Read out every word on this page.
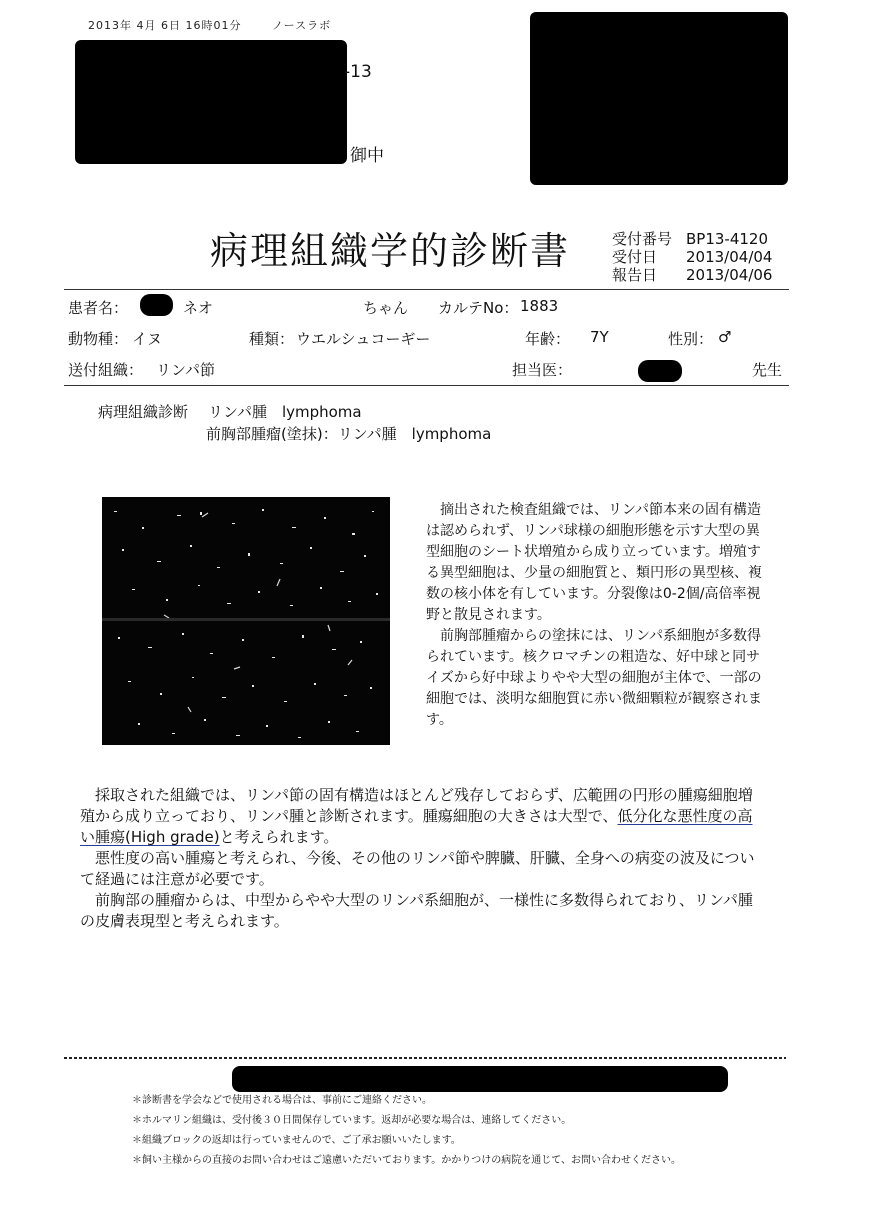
2013年 4月 6日 16時01分	ノースラボ
-13
御中
病理組織学的診断書	受付番号 BP13-4120
受付日 2013/04/04
報告日 2013/04/06
患者名：	ネオ	ちゃん カルテNo： 1883
動物種： イヌ	種類： ウエルシュコーギー	年齢： 7Y	性別： ♂
送付組織： リンパ節	担当医：	先生
病理組織診断 リンパ腫　lymphoma
前胸部腫瘤(塗抹)：リンパ腫　lymphoma

　摘出された検査組織では、リンパ節本来の固有構造は認められず、リンパ球様の細胞形態を示す大型の異型細胞のシート状増殖から成り立っています。増殖する異型細胞は、少量の細胞質と、類円形の異型核、複数の核小体を有しています。分裂像は0-2個/高倍率視野と散見されます。

　前胸部腫瘤からの塗抹には、リンパ系細胞が多数得られています。核クロマチンの粗造な、好中球と同サイズから好中球よりやや大型の細胞が主体で、一部の細胞では、淡明な細胞質に赤い微細顆粒が観察されます。

　採取された組織では、リンパ節の固有構造はほとんど残存しておらず、広範囲の円形の腫瘍細胞増殖から成り立っており、リンパ腫と診断されます。腫瘍細胞の大きさは大型で、低分化な悪性度の高い腫瘍(High grade)と考えられます。

　悪性度の高い腫瘍と考えられ、今後、その他のリンパ節や脾臓、肝臓、全身への病変の波及について経過には注意が必要です。

　前胸部の腫瘤からは、中型からやや大型のリンパ系細胞が、一様性に多数得られており、リンパ腫の皮膚表現型と考えられます。

＊診断書を学会などで使用される場合は、事前にご連絡ください。
＊ホルマリン組織は、受付後３０日間保存しています。返却が必要な場合は、連絡してください。
＊組織ブロックの返却は行っていませんので、ご了承お願いいたします。
＊飼い主様からの直接のお問い合わせはご遠慮いただいております。かかりつけの病院を通じて、お問い合わせください。
